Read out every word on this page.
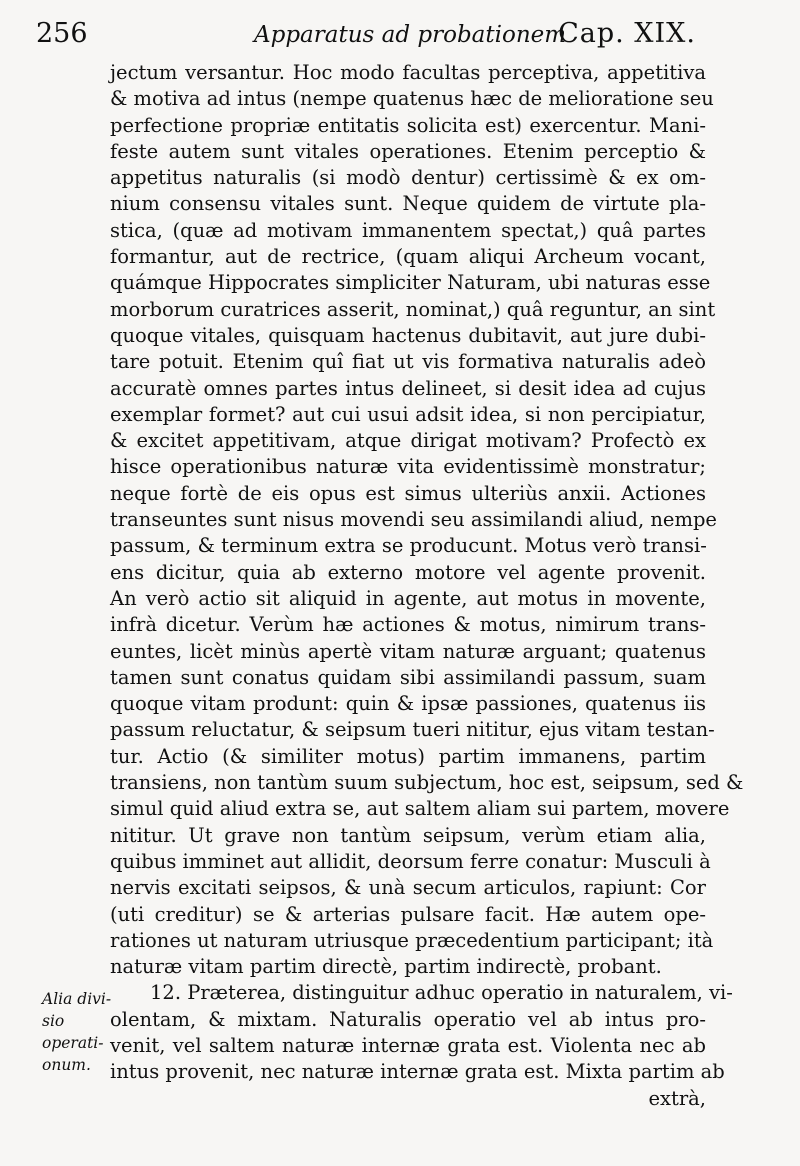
256	Apparatus ad probationem
Cap. XIX.
jectum versantur. Hoc modo facultas perceptiva, appetitiva
& motiva ad intus (nempe quatenus hæc de melioratione seu
perfectione propriæ entitatis solicita est) exercentur. Mani-
feste autem sunt vitales operationes. Etenim perceptio &
appetitus naturalis (si modò dentur) certissimè & ex om-
nium consensu vitales sunt. Neque quidem de virtute pla-
stica, (quæ ad motivam immanentem spectat,) quâ partes
formantur, aut de rectrice, (quam aliqui Archeum vocant,
quámque Hippocrates simpliciter Naturam, ubi naturas esse
morborum curatrices asserit, nominat,) quâ reguntur, an sint
quoque vitales, quisquam hactenus dubitavit, aut jure dubi-
tare potuit. Etenim quî fiat ut vis formativa naturalis adeò
accuratè omnes partes intus delineet, si desit idea ad cujus
exemplar formet? aut cui usui adsit idea, si non percipiatur,
& excitet appetitivam, atque dirigat motivam? Profectò ex
hisce operationibus naturæ vita evidentissimè monstratur;
neque fortè de eis opus est simus ulteriùs anxii. Actiones
transeuntes sunt nisus movendi seu assimilandi aliud, nempe
passum, & terminum extra se producunt. Motus verò transi-
ens dicitur, quia ab externo motore vel agente provenit.
An verò actio sit aliquid in agente, aut motus in movente,
infrà dicetur. Verùm hæ actiones & motus, nimirum trans-
euntes, licèt minùs apertè vitam naturæ arguant; quatenus
tamen sunt conatus quidam sibi assimilandi passum, suam
quoque vitam produnt: quin & ipsæ passiones, quatenus iis
passum reluctatur, & seipsum tueri nititur, ejus vitam testan-
tur. Actio (& similiter motus) partim immanens, partim
transiens, non tantùm suum subjectum, hoc est, seipsum, sed &
simul quid aliud extra se, aut saltem aliam sui partem, movere
nititur. Ut grave non tantùm seipsum, verùm etiam alia,
quibus imminet aut allidit, deorsum ferre conatur: Musculi à
nervis excitati seipsos, & unà secum articulos, rapiunt: Cor
(uti creditur) se & arterias pulsare facit. Hæ autem ope-
rationes ut naturam utriusque præcedentium participant; ità
naturæ vitam partim directè, partim indirectè, probant.
12. Præterea, distinguitur adhuc operatio in naturalem, vi-
olentam, & mixtam. Naturalis operatio vel ab intus pro-
venit, vel saltem naturæ internæ grata est. Violenta nec ab
intus provenit, nec naturæ internæ grata est. Mixta partim ab
extrà,
Alia divi-
sio operati-
onum.
